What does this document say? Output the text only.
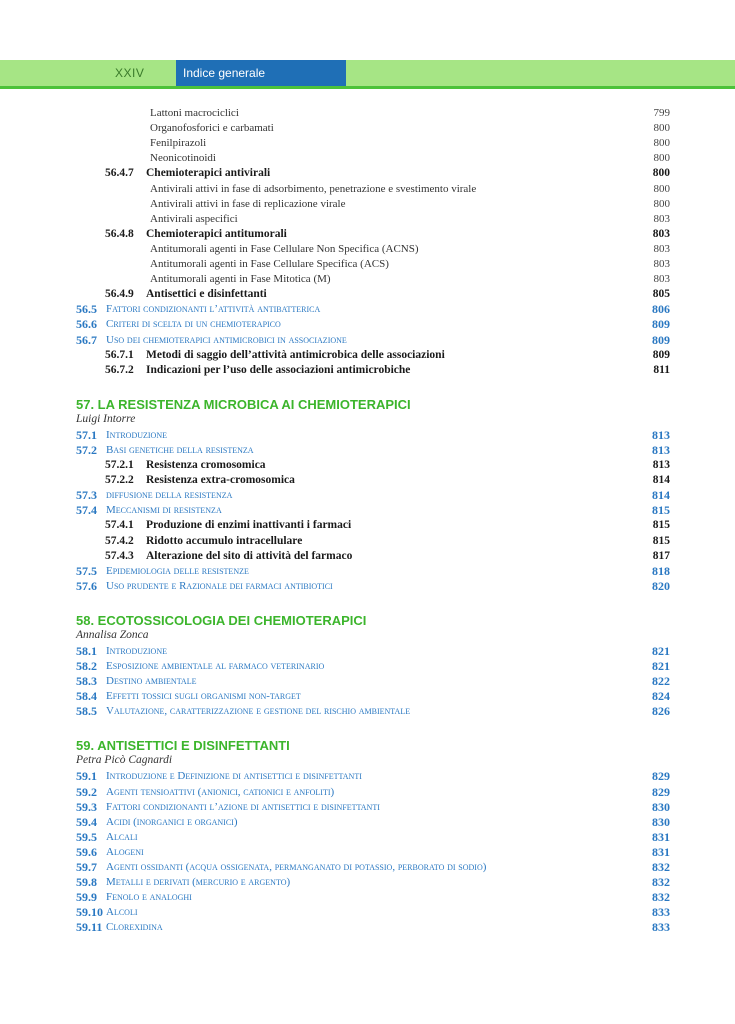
XXIV	Indice generale
Lattoni macrociclici	799
Organofosforici e carbamati	800
Fenilpirazoli	800
Neonicotinoidi	800
56.4.7 Chemioterapici antivirali	800
Antivirali attivi in fase di adsorbimento, penetrazione e svestimento virale	800
Antivirali attivi in fase di replicazione virale	800
Antivirali aspecifici	803
56.4.8 Chemioterapici antitumorali	803
Antitumorali agenti in Fase Cellulare Non Specifica (ACNS)	803
Antitumorali agenti in Fase Cellulare Specifica (ACS)	803
Antitumorali agenti in Fase Mitotica (M)	803
56.4.9 Antisettici e disinfettanti	805
56.5 Fattori condizionanti l’attività antibatterica	806
56.6 Criteri di scelta di un chemioterapico	809
56.7 Uso dei chemioterapici antimicrobici in associazione	809
56.7.1 Metodi di saggio dell’attività antimicrobica delle associazioni	809
56.7.2 Indicazioni per l’uso delle associazioni antimicrobiche	811
57. LA RESISTENZA MICROBICA AI CHEMIOTERAPICI
Luigi Intorre
57.1 Introduzione	813
57.2 Basi genetiche della resistenza	813
57.2.1 Resistenza cromosomica	813
57.2.2 Resistenza extra-cromosomica	814
57.3 diffusione della resistenza	814
57.4 Meccanismi di resistenza	815
57.4.1 Produzione di enzimi inattivanti i farmaci	815
57.4.2 Ridotto accumulo intracellulare	815
57.4.3 Alterazione del sito di attività del farmaco	817
57.5 Epidemiologia delle resistenze	818
57.6 Uso prudente e Razionale dei farmaci antibiotici	820
58. ECOTOSSICOLOGIA DEI CHEMIOTERAPICI
Annalisa Zonca
58.1 Introduzione	821
58.2 Esposizione ambientale al farmaco veterinario	821
58.3 Destino ambientale	822
58.4 Effetti tossici sugli organismi non-target	824
58.5 Valutazione, caratterizzazione e gestione del rischio ambientale	826
59. ANTISETTICI E DISINFETTANTI
Petra Picò Cagnardi
59.1 Introduzione e Definizione di antisettici e disinfettanti	829
59.2 Agenti tensioattivi (anionici, cationici e anfoliti)	829
59.3 Fattori condizionanti l’azione di antisettici e disinfettanti	830
59.4 Acidi (inorganici e organici)	830
59.5 Alcali	831
59.6 Alogeni	831
59.7 Agenti ossidanti (acqua ossigenata, permanganato di potassio, perborato di sodio)	832
59.8 Metalli e derivati (mercurio e argento)	832
59.9 Fenolo e analoghi	832
59.10 Alcoli	833
59.11 Clorexidina	833
